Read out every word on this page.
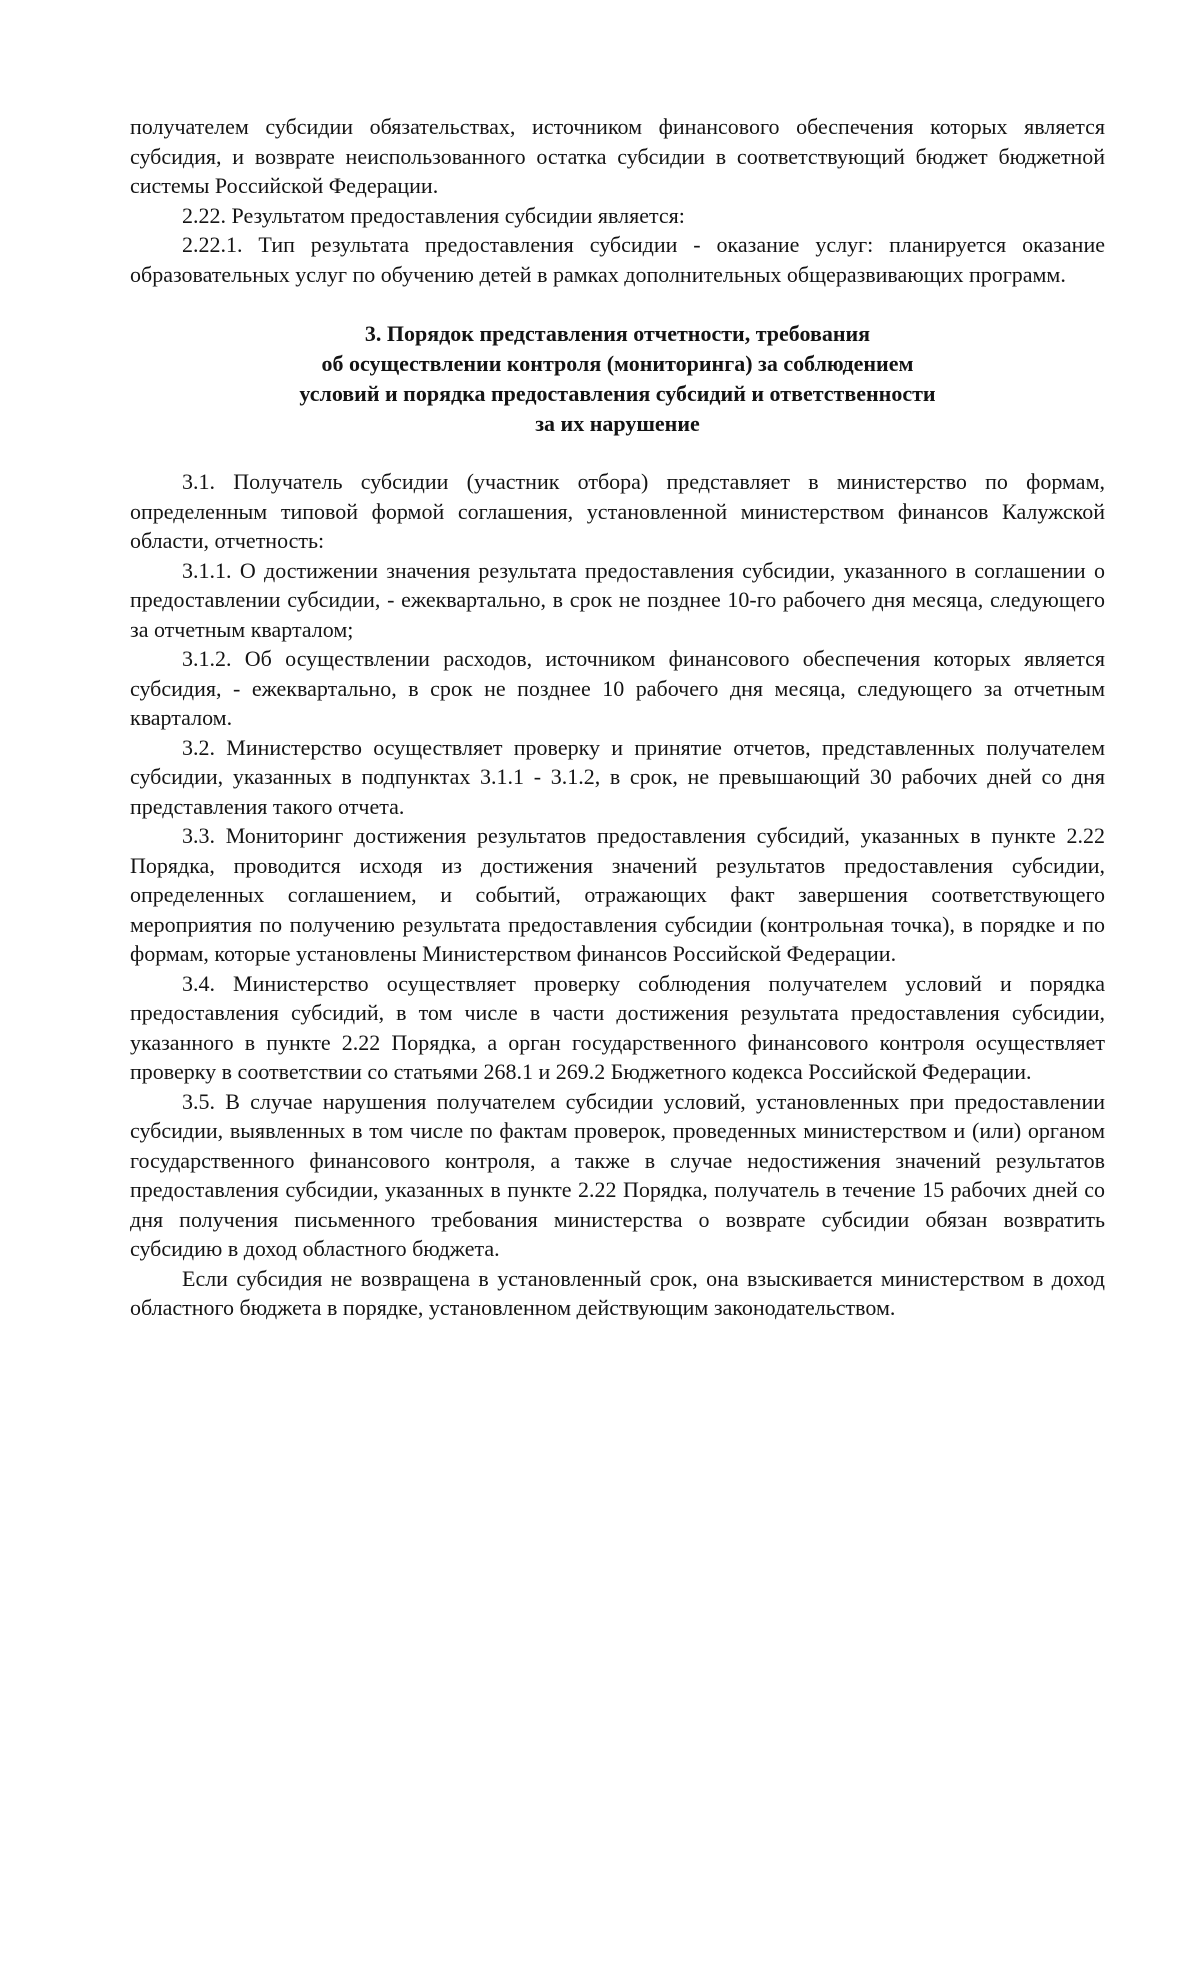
получателем субсидии обязательствах, источником финансового обеспечения которых является субсидия, и возврате неиспользованного остатка субсидии в соответствующий бюджет бюджетной системы Российской Федерации.

2.22. Результатом предоставления субсидии является:

2.22.1. Тип результата предоставления субсидии - оказание услуг: планируется оказание образовательных услуг по обучению детей в рамках дополнительных общеразвивающих программ.

3. Порядок представления отчетности, требования
об осуществлении контроля (мониторинга) за соблюдением
условий и порядка предоставления субсидий и ответственности
за их нарушение

3.1. Получатель субсидии (участник отбора) представляет в министерство по формам, определенным типовой формой соглашения, установленной министерством финансов Калужской области, отчетность:

3.1.1. О достижении значения результата предоставления субсидии, указанного в соглашении о предоставлении субсидии, - ежеквартально, в срок не позднее 10-го рабочего дня месяца, следующего за отчетным кварталом;

3.1.2. Об осуществлении расходов, источником финансового обеспечения которых является субсидия, - ежеквартально, в срок не позднее 10 рабочего дня месяца, следующего за отчетным кварталом.

3.2. Министерство осуществляет проверку и принятие отчетов, представленных получателем субсидии, указанных в подпунктах 3.1.1 - 3.1.2, в срок, не превышающий 30 рабочих дней со дня представления такого отчета.

3.3. Мониторинг достижения результатов предоставления субсидий, указанных в пункте 2.22 Порядка, проводится исходя из достижения значений результатов предоставления субсидии, определенных соглашением, и событий, отражающих факт завершения соответствующего мероприятия по получению результата предоставления субсидии (контрольная точка), в порядке и по формам, которые установлены Министерством финансов Российской Федерации.

3.4. Министерство осуществляет проверку соблюдения получателем условий и порядка предоставления субсидий, в том числе в части достижения результата предоставления субсидии, указанного в пункте 2.22 Порядка, а орган государственного финансового контроля осуществляет проверку в соответствии со статьями 268.1 и 269.2 Бюджетного кодекса Российской Федерации.

3.5. В случае нарушения получателем субсидии условий, установленных при предоставлении субсидии, выявленных в том числе по фактам проверок, проведенных министерством и (или) органом государственного финансового контроля, а также в случае недостижения значений результатов предоставления субсидии, указанных в пункте 2.22 Порядка, получатель в течение 15 рабочих дней со дня получения письменного требования министерства о возврате субсидии обязан возвратить субсидию в доход областного бюджета.

Если субсидия не возвращена в установленный срок, она взыскивается министерством в доход областного бюджета в порядке, установленном действующим законодательством.
